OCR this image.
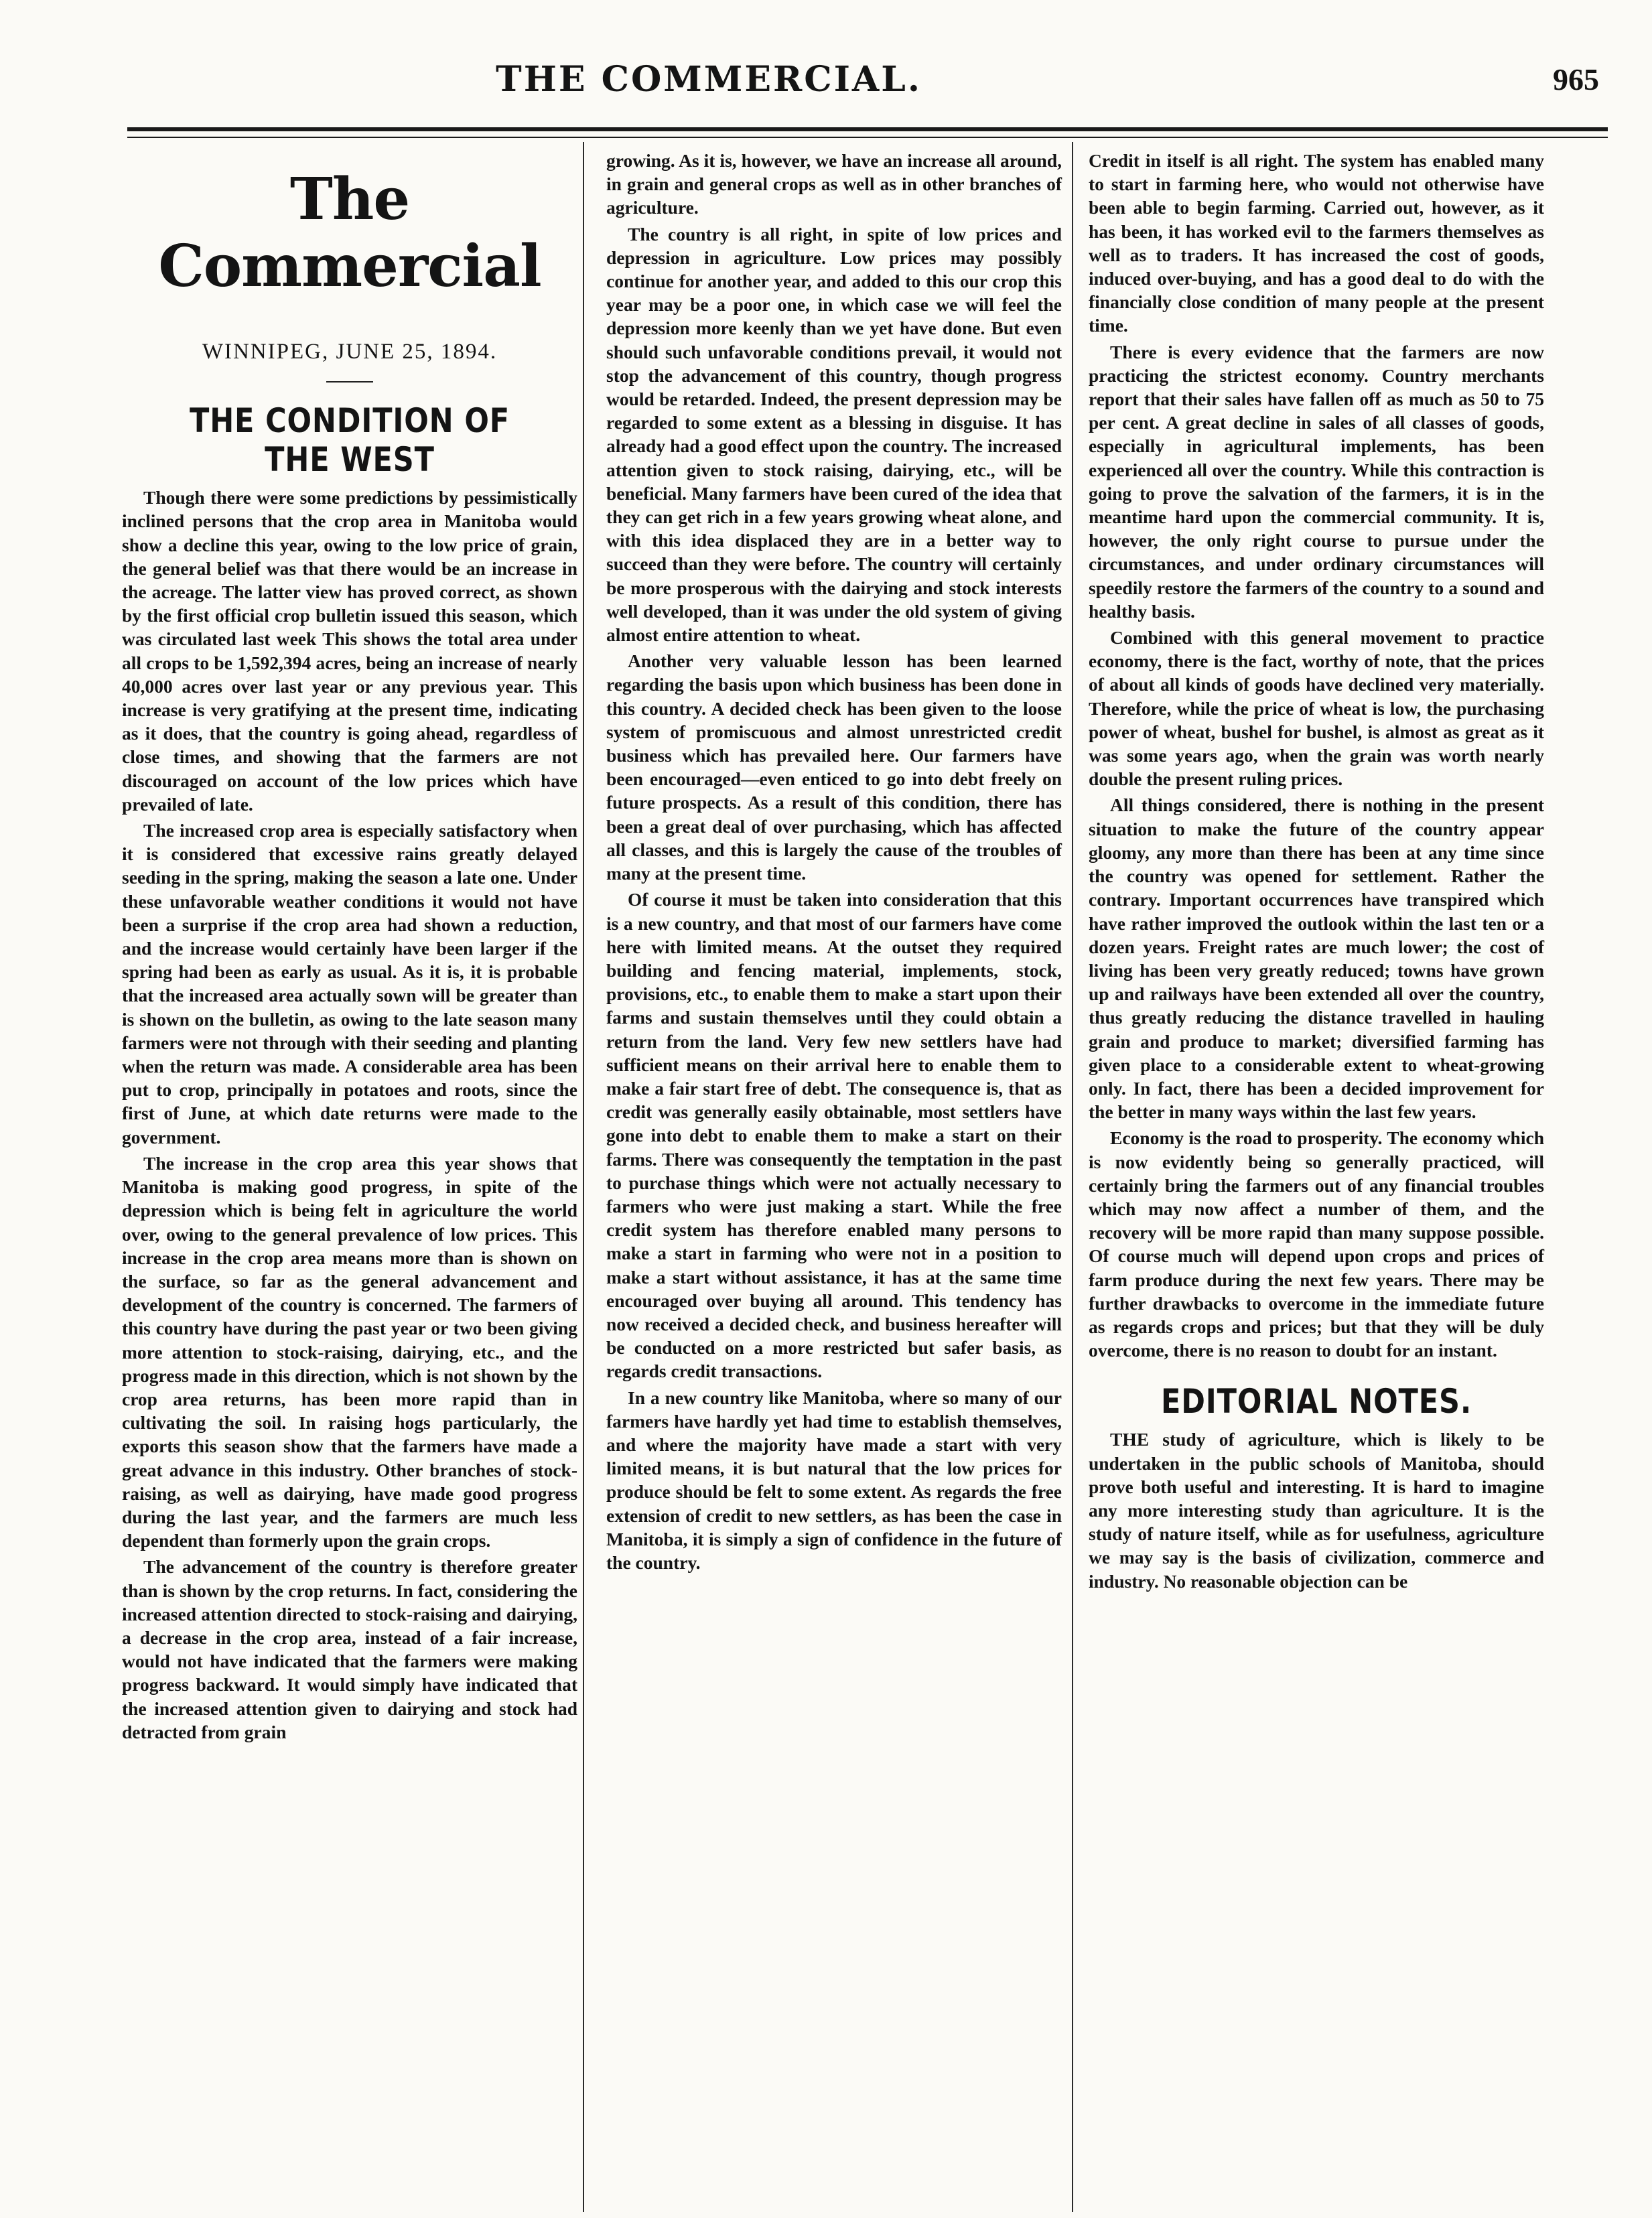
THE COMMERCIAL.	965
The Commercial
WINNIPEG, JUNE 25, 1894.
THE CONDITION OF THE WEST

Though there were some predictions by pessimistically inclined persons that the crop area in Manitoba would show a decline this year, owing to the low price of grain, the general belief was that there would be an increase in the acreage. The latter view has proved correct, as shown by the first official crop bulletin issued this season, which was circulated last week This shows the total area under all crops to be 1,592,394 acres, being an increase of nearly 40,000 acres over last year or any previous year. This increase is very gratifying at the present time, indicating as it does, that the country is going ahead, regardless of close times, and showing that the farmers are not discouraged on account of the low prices which have prevailed of late.

The increased crop area is especially satisfactory when it is considered that excessive rains greatly delayed seeding in the spring, making the season a late one. Under these unfavorable weather conditions it would not have been a surprise if the crop area had shown a reduction, and the increase would certainly have been larger if the spring had been as early as usual. As it is, it is probable that the increased area actually sown will be greater than is shown on the bulletin, as owing to the late season many farmers were not through with their seeding and planting when the return was made. A considerable area has been put to crop, principally in potatoes and roots, since the first of June, at which date returns were made to the government.

The increase in the crop area this year shows that Manitoba is making good progress, in spite of the depression which is being felt in agriculture the world over, owing to the general prevalence of low prices. This increase in the crop area means more than is shown on the surface, so far as the general advancement and development of the country is concerned. The farmers of this country have during the past year or two been giving more attention to stock-raising, dairying, etc., and the progress made in this direction, which is not shown by the crop area returns, has been more rapid than in cultivating the soil. In raising hogs particularly, the exports this season show that the farmers have made a great advance in this industry. Other branches of stock-raising, as well as dairying, have made good progress during the last year, and the farmers are much less dependent than formerly upon the grain crops.

The advancement of the country is therefore greater than is shown by the crop returns. In fact, considering the increased attention directed to stock-raising and dairying, a decrease in the crop area, instead of a fair increase, would not have indicated that the farmers were making progress backward. It would simply have indicated that the increased attention given to dairying and stock had detracted from grain

growing. As it is, however, we have an increase all around, in grain and general crops as well as in other branches of agriculture.

The country is all right, in spite of low prices and depression in agriculture. Low prices may possibly continue for another year, and added to this our crop this year may be a poor one, in which case we will feel the depression more keenly than we yet have done. But even should such unfavorable conditions prevail, it would not stop the advancement of this country, though progress would be retarded. Indeed, the present depression may be regarded to some extent as a blessing in disguise. It has already had a good effect upon the country. The increased attention given to stock raising, dairying, etc., will be beneficial. Many farmers have been cured of the idea that they can get rich in a few years growing wheat alone, and with this idea displaced they are in a better way to succeed than they were before. The country will certainly be more prosperous with the dairying and stock interests well developed, than it was under the old system of giving almost entire attention to wheat.

Another very valuable lesson has been learned regarding the basis upon which business has been done in this country. A decided check has been given to the loose system of promiscuous and almost unrestricted credit business which has prevailed here. Our farmers have been encouraged—even enticed to go into debt freely on future prospects. As a result of this condition, there has been a great deal of over purchasing, which has affected all classes, and this is largely the cause of the troubles of many at the present time.

Of course it must be taken into consideration that this is a new country, and that most of our farmers have come here with limited means. At the outset they required building and fencing material, implements, stock, provisions, etc., to enable them to make a start upon their farms and sustain themselves until they could obtain a return from the land. Very few new settlers have had sufficient means on their arrival here to enable them to make a fair start free of debt. The consequence is, that as credit was generally easily obtainable, most settlers have gone into debt to enable them to make a start on their farms. There was consequently the temptation in the past to purchase things which were not actually necessary to farmers who were just making a start. While the free credit system has therefore enabled many persons to make a start in farming who were not in a position to make a start without assistance, it has at the same time encouraged over buying all around. This tendency has now received a decided check, and business hereafter will be conducted on a more restricted but safer basis, as regards credit transactions.

In a new country like Manitoba, where so many of our farmers have hardly yet had time to establish themselves, and where the majority have made a start with very limited means, it is but natural that the low prices for produce should be felt to some extent. As regards the free extension of credit to new settlers, as has been the case in Manitoba, it is simply a sign of confidence in the future of the country.

Credit in itself is all right. The system has enabled many to start in farming here, who would not otherwise have been able to begin farming. Carried out, however, as it has been, it has worked evil to the farmers themselves as well as to traders. It has increased the cost of goods, induced over-buying, and has a good deal to do with the financially close condition of many people at the present time.

There is every evidence that the farmers are now practicing the strictest economy. Country merchants report that their sales have fallen off as much as 50 to 75 per cent. A great decline in sales of all classes of goods, especially in agricultural implements, has been experienced all over the country. While this contraction is going to prove the salvation of the farmers, it is in the meantime hard upon the commercial community. It is, however, the only right course to pursue under the circumstances, and under ordinary circumstances will speedily restore the farmers of the country to a sound and healthy basis.

Combined with this general movement to practice economy, there is the fact, worthy of note, that the prices of about all kinds of goods have declined very materially. Therefore, while the price of wheat is low, the purchasing power of wheat, bushel for bushel, is almost as great as it was some years ago, when the grain was worth nearly double the present ruling prices.

All things considered, there is nothing in the present situation to make the future of the country appear gloomy, any more than there has been at any time since the country was opened for settlement. Rather the contrary. Important occurrences have transpired which have rather improved the outlook within the last ten or a dozen years. Freight rates are much lower; the cost of living has been very greatly reduced; towns have grown up and railways have been extended all over the country, thus greatly reducing the distance travelled in hauling grain and produce to market; diversified farming has given place to a considerable extent to wheat-growing only. In fact, there has been a decided improvement for the better in many ways within the last few years.

Economy is the road to prosperity. The economy which is now evidently being so generally practiced, will certainly bring the farmers out of any financial troubles which may now affect a number of them, and the recovery will be more rapid than many suppose possible. Of course much will depend upon crops and prices of farm produce during the next few years. There may be further drawbacks to overcome in the immediate future as regards crops and prices; but that they will be duly overcome, there is no reason to doubt for an instant.

EDITORIAL NOTES.

THE study of agriculture, which is likely to be undertaken in the public schools of Manitoba, should prove both useful and interesting. It is hard to imagine any more interesting study than agriculture. It is the study of nature itself, while as for usefulness, agriculture we may say is the basis of civilization, commerce and industry. No reasonable objection can be
